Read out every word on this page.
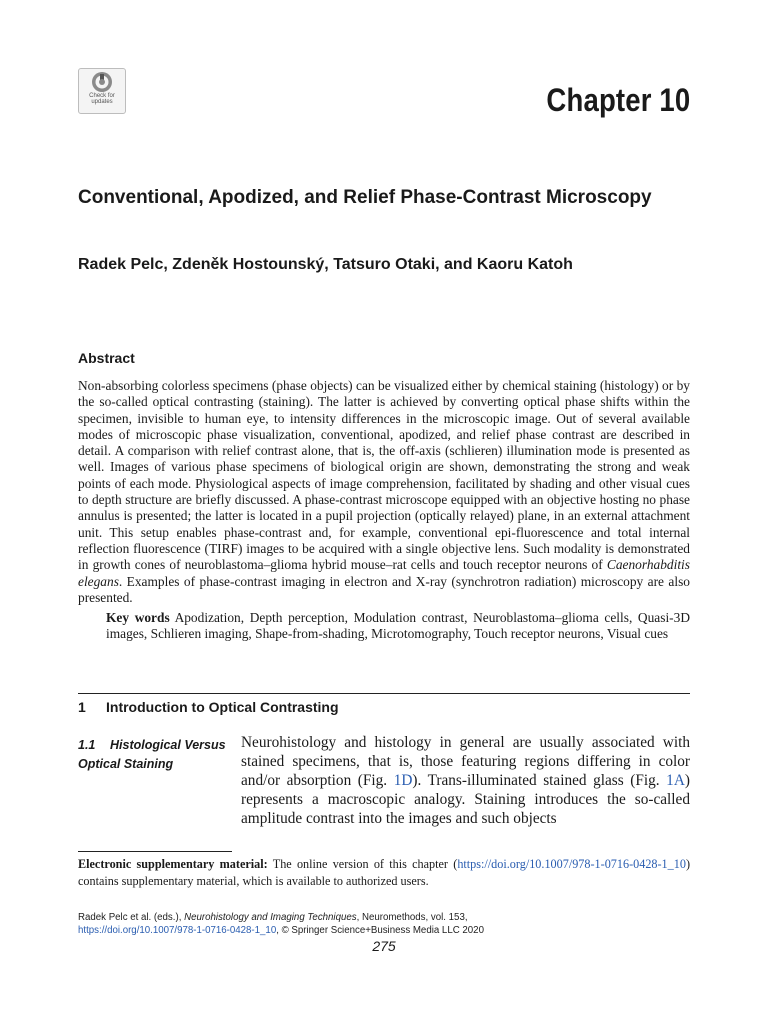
Check for
updates	Chapter 10
Conventional, Apodized, and Relief Phase-Contrast Microscopy
Radek Pelc, Zdeněk Hostounský, Tatsuro Otaki, and Kaoru Katoh
Abstract

Non-absorbing colorless specimens (phase objects) can be visualized either by chemical staining (histology) or by the so-called optical contrasting (staining). The latter is achieved by converting optical phase shifts within the specimen, invisible to human eye, to intensity differences in the microscopic image. Out of several available modes of microscopic phase visualization, conventional, apodized, and relief phase contrast are described in detail. A comparison with relief contrast alone, that is, the off-axis (schlieren) illumination mode is presented as well. Images of various phase specimens of biological origin are shown, demonstrating the strong and weak points of each mode. Physiological aspects of image comprehension, facilitated by shading and other visual cues to depth structure are briefly discussed. A phase-contrast microscope equipped with an objective hosting no phase annulus is presented; the latter is located in a pupil projection (optically relayed) plane, in an external attachment unit. This setup enables phase-contrast and, for example, conventional epi-fluorescence and total internal reflection fluorescence (TIRF) images to be acquired with a single objective lens. Such modality is demonstrated in growth cones of neuroblastoma–glioma hybrid mouse–rat cells and touch receptor neurons of Caenorhabditis elegans. Examples of phase-contrast imaging in electron and X-ray (synchrotron radiation) microscopy are also presented.

Key words Apodization, Depth perception, Modulation contrast, Neuroblastoma–glioma cells, Quasi-3D images, Schlieren imaging, Shape-from-shading, Microtomography, Touch receptor neurons, Visual cues

1 Introduction to Optical Contrasting
1.1 Histological Versus Optical Staining

Neurohistology and histology in general are usually associated with stained specimens, that is, those featuring regions differing in color and/or absorption (Fig. 1D). Trans-illuminated stained glass (Fig. 1A) represents a macroscopic analogy. Staining introduces the so-called amplitude contrast into the images and such objects

Electronic supplementary material: The online version of this chapter (https://doi.org/10.1007/978-1-0716-0428-1_10) contains supplementary material, which is available to authorized users.

Radek Pelc et al. (eds.), Neurohistology and Imaging Techniques, Neuromethods, vol. 153,
https://doi.org/10.1007/978-1-0716-0428-1_10, © Springer Science+Business Media LLC 2020
275
